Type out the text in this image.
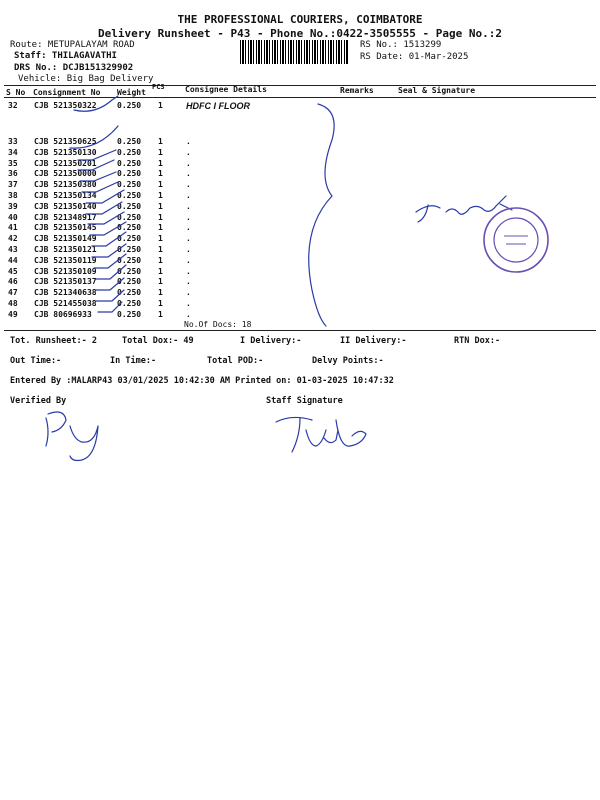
THE PROFESSIONAL COURIERS, COIMBATORE
Delivery Runsheet - P43 - Phone No.:0422-3505555 - Page No.:2
Route: METUPALAYAM ROAD
Staff: THILAGAVATHI
DRS No.: DCJB151329902
Vehicle: Big Bag Delivery
RS No.: 1513299
RS Date: 01-Mar-2025
S No Consignment No Weight
PCS	Consignee Details	Remarks	Seal & Signature
32 CJB 521350322	0.250 1	HDFC I FLOOR
33 CJB 521350625	0.250 1	.
34 CJB 521350130	0.250 1	.
35 CJB 521350201	0.250 1	.
36 CJB 521350000	0.250 1	.
37 CJB 521350380	0.250 1	.
38 CJB 521350134	0.250 1	.
39 CJB 521350140	0.250 1	.
40 CJB 521348917	0.250 1	.
41 CJB 521350145	0.250 1	.
42 CJB 521350149	0.250 1	.
43 CJB 521350121	0.250 1	.
44 CJB 521350119	0.250 1	.
45 CJB 521350109	0.250 1	.
46 CJB 521350137	0.250 1	.
47 CJB 521340638	0.250 1	.
48 CJB 521455038	0.250 1	.
49 CJB 80696933	0.250 1	.
No.Of Docs: 18
Tot. Runsheet:- 2	Total Dox:- 49	I Delivery:-	II Delivery:-	RTN Dox:-
Out Time:-	In Time:-	Total POD:-	Delvy Points:-
Entered By :MALARP43 03/01/2025 10:42:30 AM Printed on: 01-03-2025 10:47:32
Verified By	Staff Signature
